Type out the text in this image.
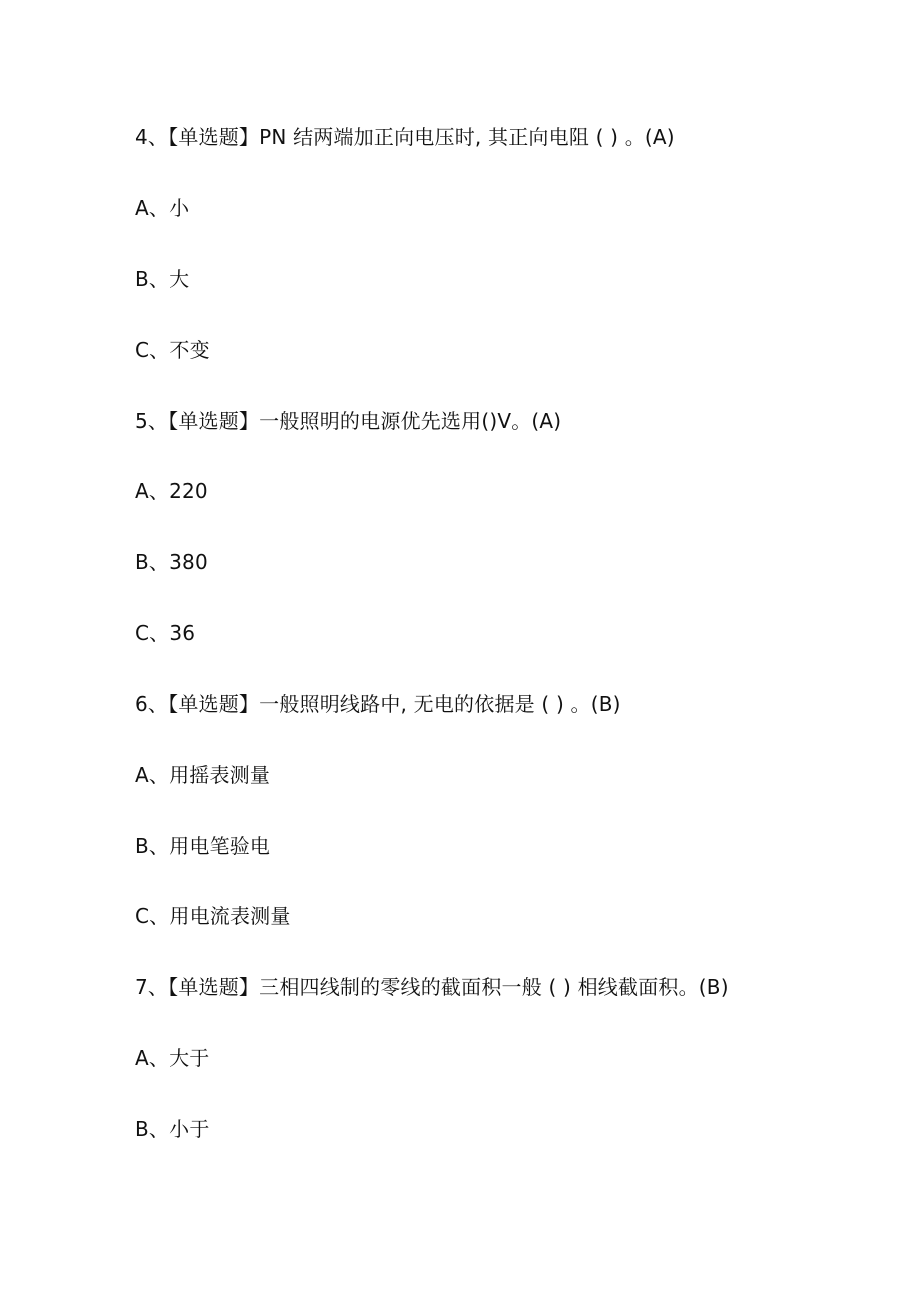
4、【单选题】PN 结两端加正向电压时, 其正向电阻 ( ) 。(A)
A、小
B、大
C、不变
5、【单选题】一般照明的电源优先选用()V。(A)
A、220
B、380
C、36
6、【单选题】一般照明线路中, 无电的依据是 ( ) 。(B)
A、用摇表测量
B、用电笔验电
C、用电流表测量
7、【单选题】三相四线制的零线的截面积一般 ( ) 相线截面积。(B)
A、大于
B、小于
